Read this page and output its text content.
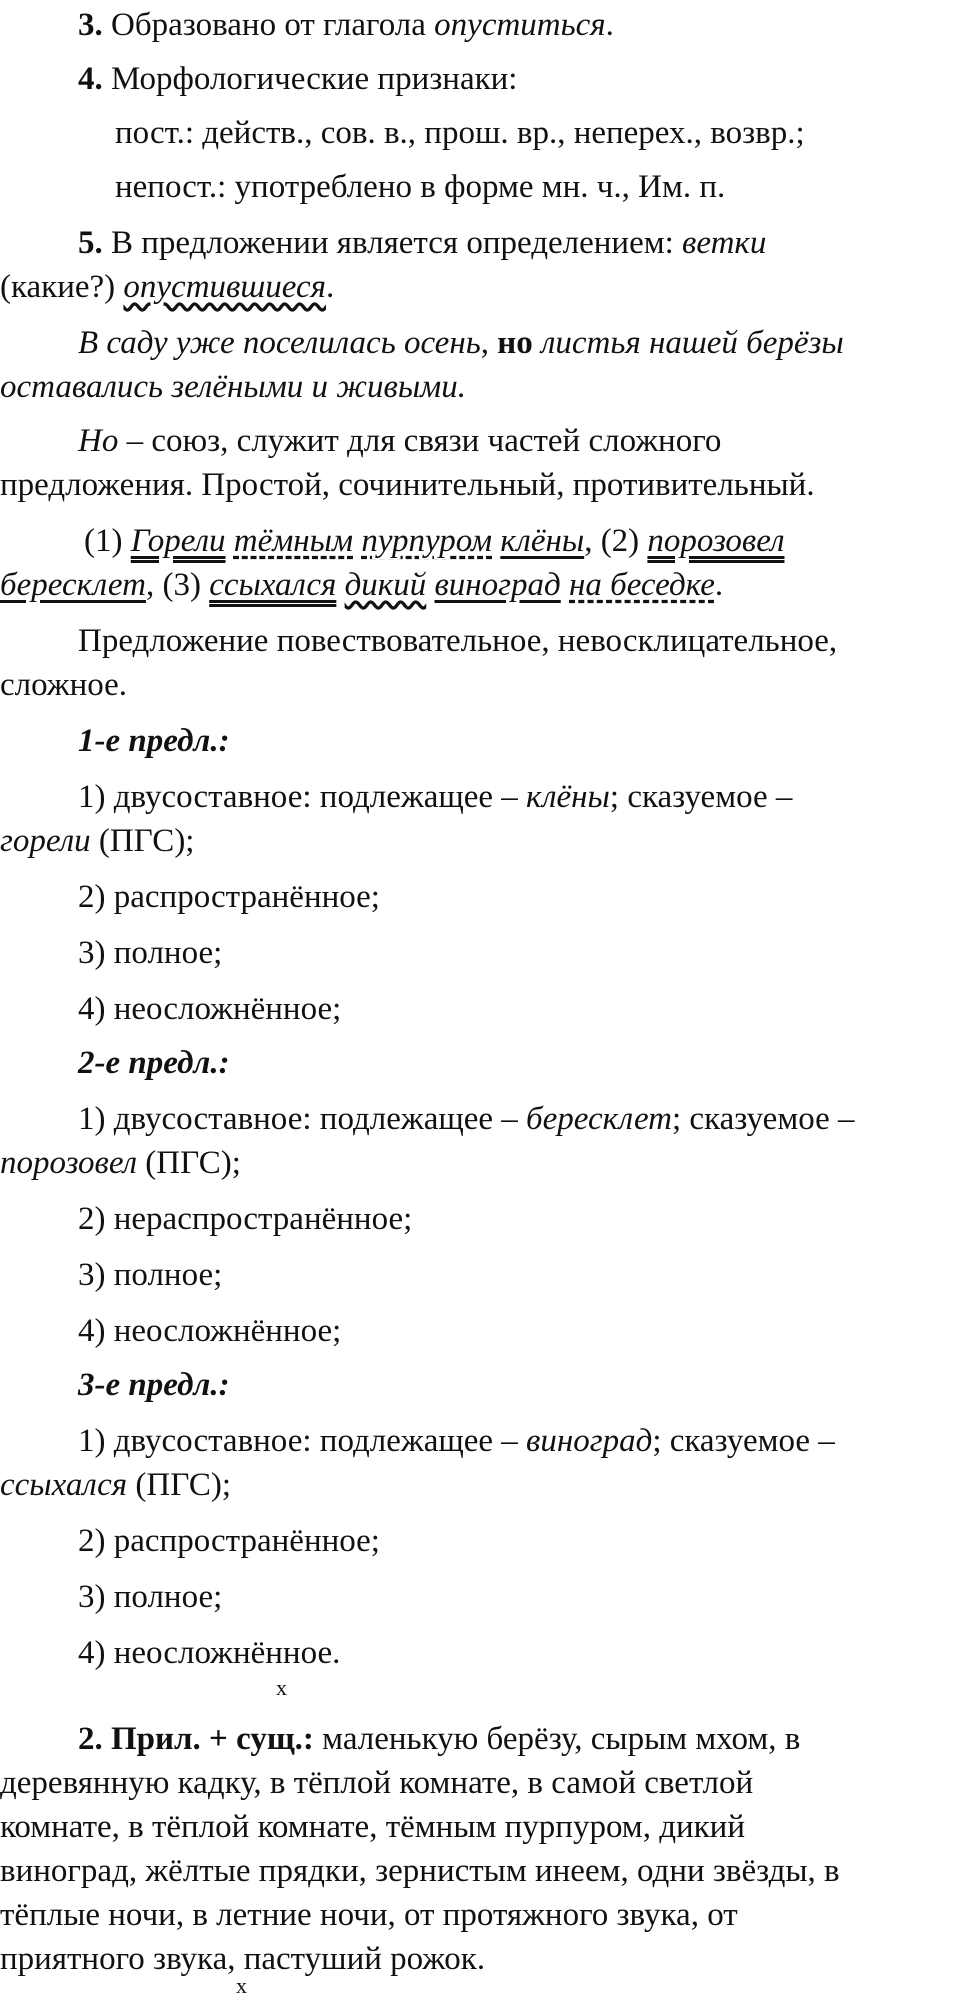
3. Образовано от глагола опуститься.
4. Морфологические признаки:
пост.: действ., сов. в., прош. вр., неперех., возвр.;
непост.: употреблено в форме мн. ч., Им. п.
5. В предложении является определением: ветки
(какие?) опустившиеся.
В саду уже поселилась осень, но листья нашей берёзы
оставались зелёными и живыми.
Но – союз, служит для связи частей сложного
предложения. Простой, сочинительный, противительный.
(1) Горели тёмным пурпуром клёны, (2) порозовел
бересклет, (3) ссыхался дикий виноград на беседке.
Предложение повествовательное, невосклицательное,
сложное.
1-е предл.:
1) двусоставное: подлежащее – клёны; сказуемое –
горели (ПГС);
2) распространённое;
3) полное;
4) неосложнённое;
2-е предл.:
1) двусоставное: подлежащее – бересклет; сказуемое –
порозовел (ПГС);
2) нераспространённое;
3) полное;
4) неосложнённое;
3-е предл.:
1) двусоставное: подлежащее – виноград; сказуемое –
ссыхался (ПГС);
2) распространённое;
3) полное;
4) неосложнённое.
x
2. Прил. + сущ.: маленькую берёзу, сырым мхом, в
деревянную кадку, в тёплой комнате, в самой светлой
комнате, в тёплой комнате, тёмным пурпуром, дикий
виноград, жёлтые прядки, зернистым инеем, одни звёзды, в
тёплые ночи, в летние ночи, от протяжного звука, от
приятного звука, пастуший рожок.
x
